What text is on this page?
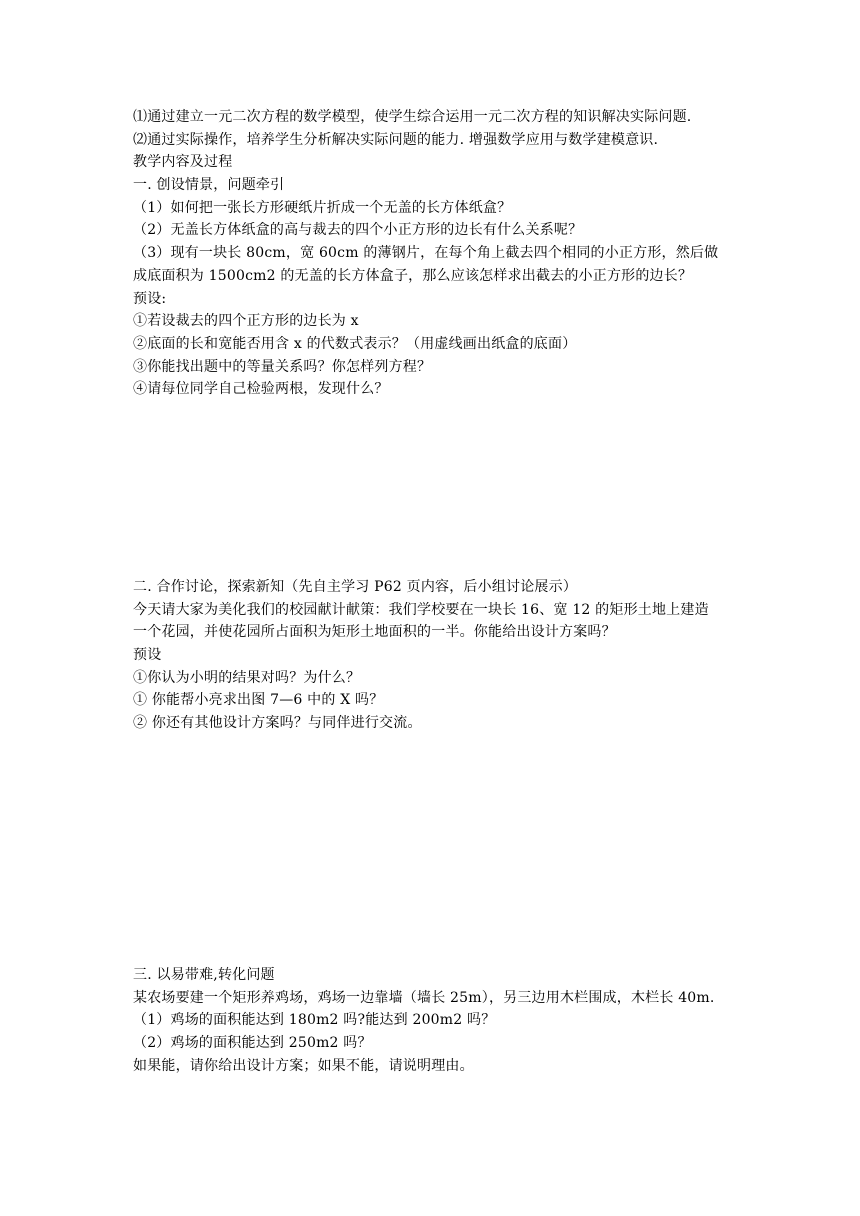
⑴通过建立一元二次方程的数学模型，使学生综合运用一元二次方程的知识解决实际问题.
⑵通过实际操作，培养学生分析解决实际问题的能力. 增强数学应用与数学建模意识.
教学内容及过程
一. 创设情景，问题牵引
（1）如何把一张长方形硬纸片折成一个无盖的长方体纸盒？
（2）无盖长方体纸盒的高与裁去的四个小正方形的边长有什么关系呢？
（3）现有一块长 80cm，宽 60cm 的薄钢片，在每个角上截去四个相同的小正方形，然后做
成底面积为 1500cm2 的无盖的长方体盒子，那么应该怎样求出截去的小正方形的边长？
预设:
①若设裁去的四个正方形的边长为 x
②底面的长和宽能否用含 x 的代数式表示？（用虚线画出纸盒的底面）
③你能找出题中的等量关系吗？你怎样列方程？
④请每位同学自己检验两根，发现什么？
二. 合作讨论，探索新知（先自主学习 P62 页内容，后小组讨论展示）
今天请大家为美化我们的校园献计献策：我们学校要在一块长 16、宽 12 的矩形土地上建造
一个花园，并使花园所占面积为矩形土地面积的一半。你能给出设计方案吗？
预设
①你认为小明的结果对吗？为什么？
① 你能帮小亮求出图 7—6 中的 X 吗？
② 你还有其他设计方案吗？与同伴进行交流。
三. 以易带难,转化问题
某农场要建一个矩形养鸡场，鸡场一边靠墙（墙长 25m），另三边用木栏围成，木栏长 40m.
（1）鸡场的面积能达到 180m2 吗?能达到 200m2 吗？
（2）鸡场的面积能达到 250m2 吗？
如果能，请你给出设计方案；如果不能，请说明理由。
